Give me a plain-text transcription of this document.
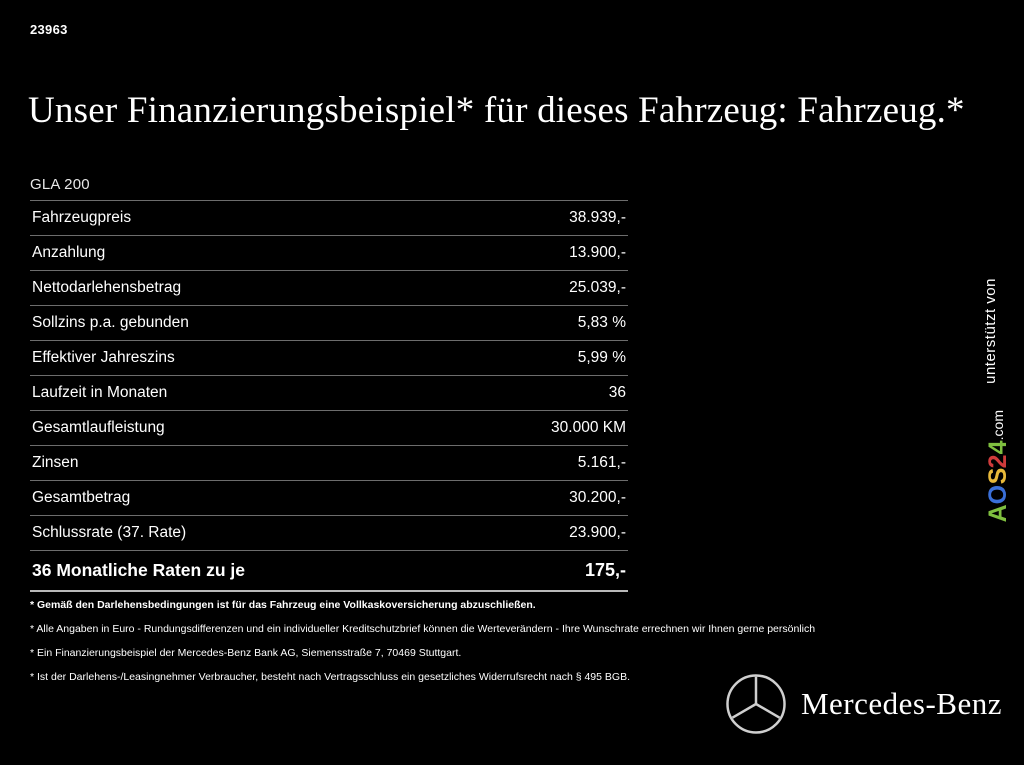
23963
Unser Finanzierungsbeispiel* für dieses Fahrzeug: Fahrzeug.*
GLA 200
Fahrzeugpreis	38.939,-
Anzahlung	13.900,-
Nettodarlehensbetrag	25.039,-
Sollzins p.a. gebunden	5,83 %
Effektiver Jahreszins	5,99 %
Laufzeit in Monaten	36
Gesamtlaufleistung	30.000 KM
Zinsen	5.161,-
Gesamtbetrag	30.200,-
Schlussrate (37. Rate)	23.900,-
36 Monatliche Raten zu je	175,-
* Gemäß den Darlehensbedingungen ist für das Fahrzeug eine Vollkaskoversicherung abzuschließen.
* Alle Angaben in Euro - Rundungsdifferenzen und ein individueller Kreditschutzbrief können die Werteverändern - Ihre Wunschrate errechnen wir Ihnen gerne persönlich
* Ein Finanzierungsbeispiel der Mercedes-Benz Bank AG, Siemensstraße 7, 70469 Stuttgart.
* Ist der Darlehens-/Leasingnehmer Verbraucher, besteht nach Vertragsschluss ein gesetzliches Widerrufsrecht nach § 495 BGB.
unterstützt von
AOS24.com
Mercedes-Benz
